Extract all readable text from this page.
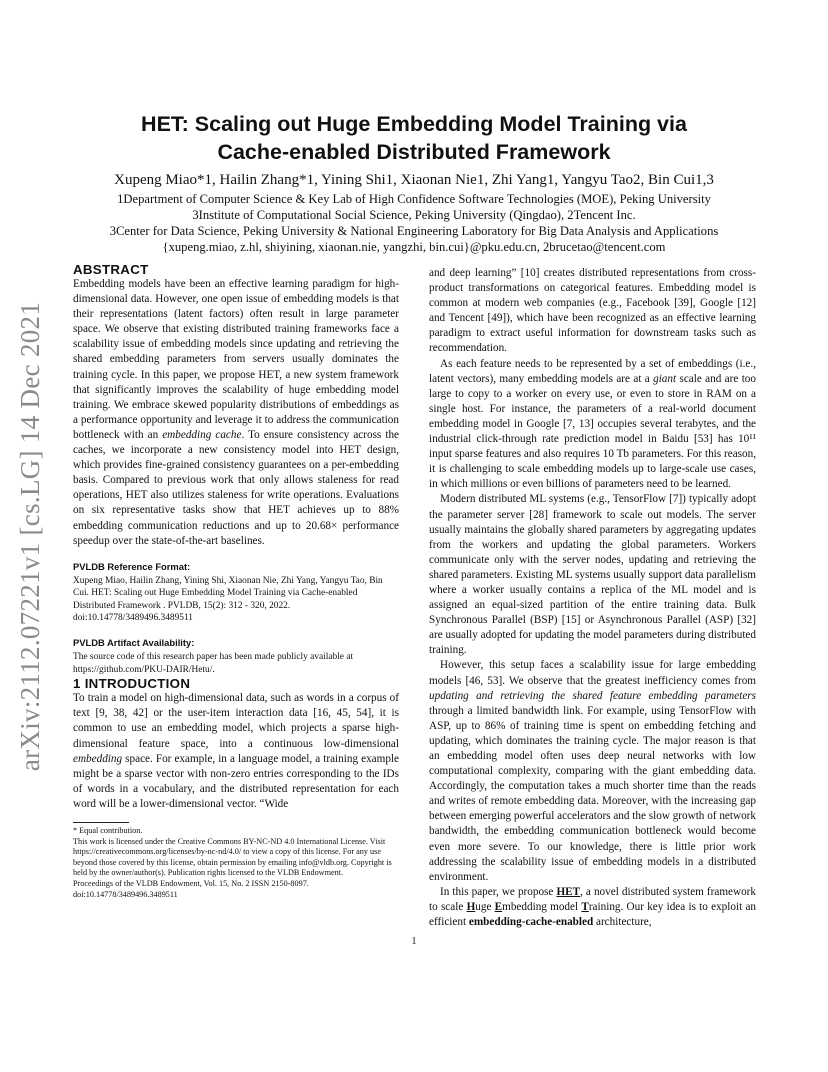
arXiv:2112.07221v1 [cs.LG] 14 Dec 2021
HET: Scaling out Huge Embedding Model Training via
Cache-enabled Distributed Framework
Xupeng Miao*1, Hailin Zhang*1, Yining Shi1, Xiaonan Nie1, Zhi Yang1, Yangyu Tao2, Bin Cui1,3
1Department of Computer Science & Key Lab of High Confidence Software Technologies (MOE), Peking University
3Institute of Computational Social Science, Peking University (Qingdao), 2Tencent Inc.
3Center for Data Science, Peking University & National Engineering Laboratory for Big Data Analysis and Applications
{xupeng.miao, z.hl, shiyining, xiaonan.nie, yangzhi, bin.cui}@pku.edu.cn, 2brucetao@tencent.com
ABSTRACT

Embedding models have been an effective learning paradigm for high-dimensional data. However, one open issue of embedding models is that their representations (latent factors) often result in large parameter space. We observe that existing distributed training frameworks face a scalability issue of embedding models since updating and retrieving the shared embedding parameters from servers usually dominates the training cycle. In this paper, we propose HET, a new system framework that significantly improves the scalability of huge embedding model training. We embrace skewed popularity distributions of embeddings as a performance opportunity and leverage it to address the communication bottleneck with an embedding cache. To ensure consistency across the caches, we incorporate a new consistency model into HET design, which provides fine-grained consistency guarantees on a per-embedding basis. Compared to previous work that only allows staleness for read operations, HET also utilizes staleness for write operations. Evaluations on six representative tasks show that HET achieves up to 88% embedding communication reductions and up to 20.68× performance speedup over the state-of-the-art baselines.

PVLDB Reference Format:

Xupeng Miao, Hailin Zhang, Yining Shi, Xiaonan Nie, Zhi Yang, Yangyu Tao, Bin Cui. HET: Scaling out Huge Embedding Model Training via Cache-enabled Distributed Framework . PVLDB, 15(2): 312 - 320, 2022. doi:10.14778/3489496.3489511

PVLDB Artifact Availability:

The source code of this research paper has been made publicly available at https://github.com/PKU-DAIR/Hetu/.

1 INTRODUCTION

To train a model on high-dimensional data, such as words in a corpus of text [9, 38, 42] or the user-item interaction data [16, 45, 54], it is common to use an embedding model, which projects a sparse high-dimensional feature space, into a continuous low-dimensional embedding space. For example, in a language model, a training example might be a sparse vector with non-zero entries corresponding to the IDs of words in a vocabulary, and the distributed representation for each word will be a lower-dimensional vector. “Wide

* Equal contribution.

This work is licensed under the Creative Commons BY-NC-ND 4.0 International License. Visit https://creativecommons.org/licenses/by-nc-nd/4.0/ to view a copy of this license. For any use beyond those covered by this license, obtain permission by emailing info@vldb.org. Copyright is held by the owner/author(s). Publication rights licensed to the VLDB Endowment.

Proceedings of the VLDB Endowment, Vol. 15, No. 2 ISSN 2150-8097. doi:10.14778/3489496.3489511

and deep learning” [10] creates distributed representations from cross-product transformations on categorical features. Embedding model is common at modern web companies (e.g., Facebook [39], Google [12] and Tencent [49]), which have been recognized as an effective learning paradigm to extract useful information for downstream tasks such as recommendation.

As each feature needs to be represented by a set of embeddings (i.e., latent vectors), many embedding models are at a giant scale and are too large to copy to a worker on every use, or even to store in RAM on a single host. For instance, the parameters of a real-world document embedding model in Google [7, 13] occupies several terabytes, and the industrial click-through rate prediction model in Baidu [53] has 10¹¹ input sparse features and also requires 10 Tb parameters. For this reason, it is challenging to scale embedding models up to large-scale use cases, in which millions or even billions of parameters need to be learned.

Modern distributed ML systems (e.g., TensorFlow [7]) typically adopt the parameter server [28] framework to scale out models. The server usually maintains the globally shared parameters by aggregating updates from the workers and updating the global parameters. Workers communicate only with the server nodes, updating and retrieving the shared parameters. Existing ML systems usually support data parallelism where a worker usually contains a replica of the ML model and is assigned an equal-sized partition of the entire training data. Bulk Synchronous Parallel (BSP) [15] or Asynchronous Parallel (ASP) [32] are usually adopted for updating the model parameters during distributed training.

However, this setup faces a scalability issue for large embedding models [46, 53]. We observe that the greatest inefficiency comes from updating and retrieving the shared feature embedding parameters through a limited bandwidth link. For example, using TensorFlow with ASP, up to 86% of training time is spent on embedding fetching and updating, which dominates the training cycle. The major reason is that an embedding model often uses deep neural networks with low computational complexity, comparing with the giant embedding data. Accordingly, the computation takes a much shorter time than the reads and writes of remote embedding data. Moreover, with the increasing gap between emerging powerful accelerators and the slow growth of network bandwidth, the embedding communication bottleneck would become even more severe. To our knowledge, there is little prior work addressing the scalability issue of embedding models in a distributed environment.

In this paper, we propose HET, a novel distributed system framework to scale Huge Embedding model Training. Our key idea is to exploit an efficient embedding-cache-enabled architecture,

1
